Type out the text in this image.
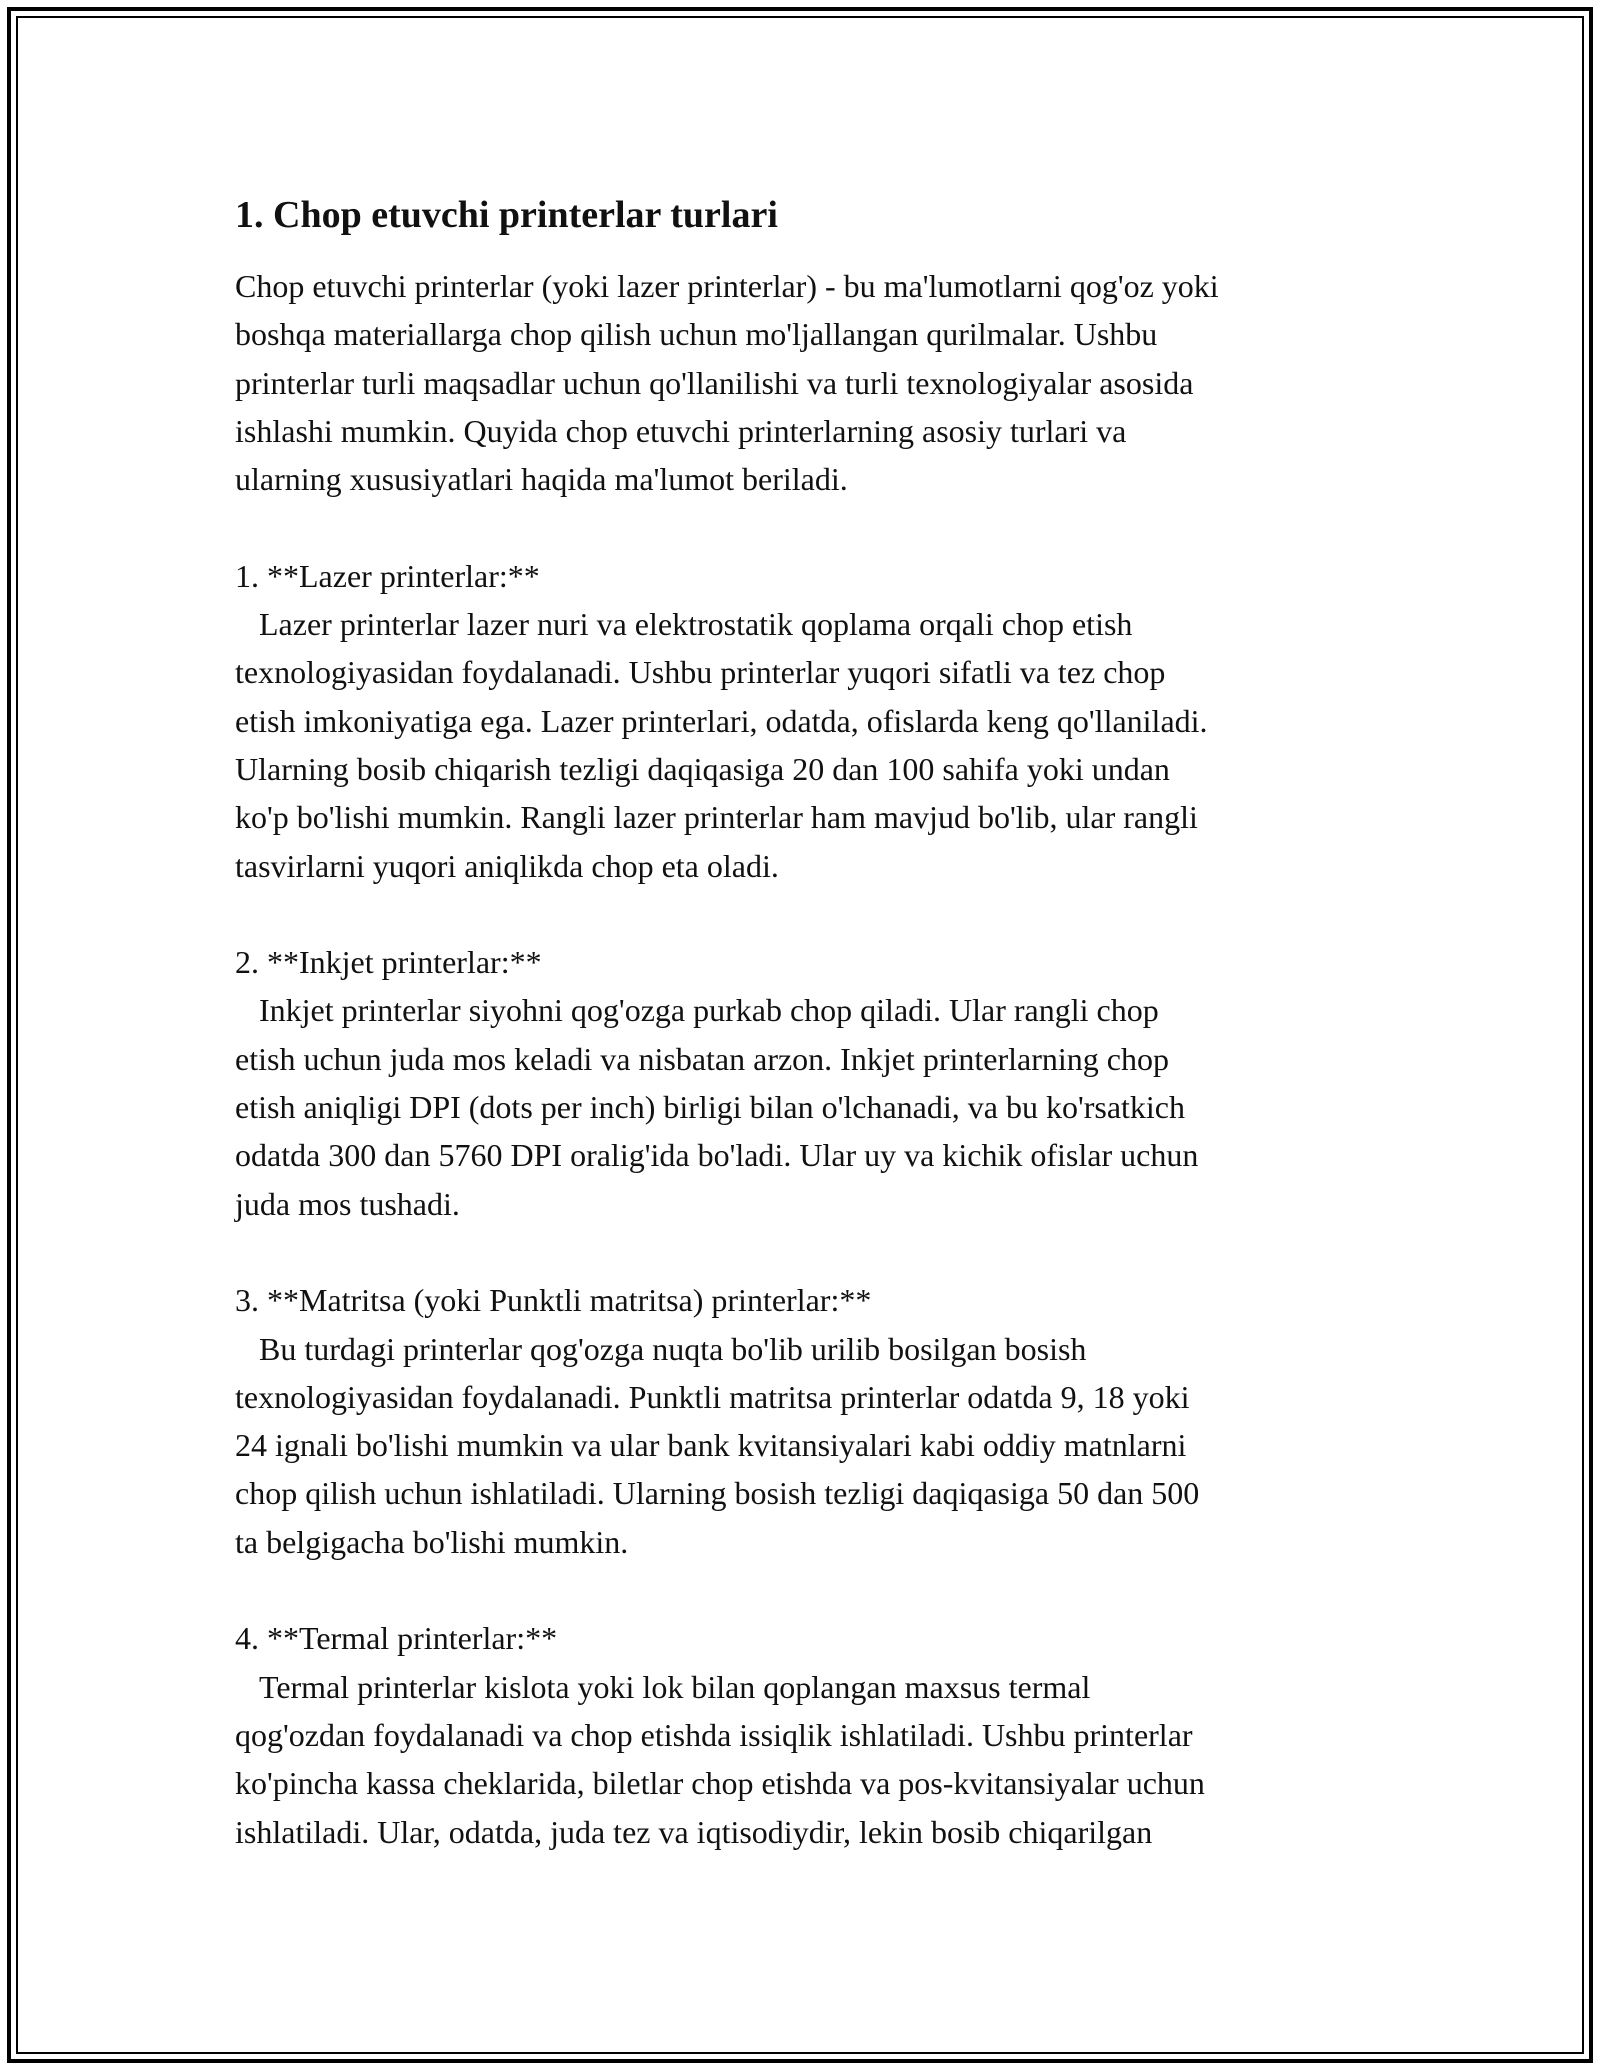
1. Chop etuvchi printerlar turlari

Chop etuvchi printerlar (yoki lazer printerlar) - bu ma'lumotlarni qog'oz yoki
boshqa materiallarga chop qilish uchun mo'ljallangan qurilmalar. Ushbu
printerlar turli maqsadlar uchun qo'llanilishi va turli texnologiyalar asosida
ishlashi mumkin. Quyida chop etuvchi printerlarning asosiy turlari va
ularning xususiyatlari haqida ma'lumot beriladi.

1. **Lazer printerlar:**

Lazer printerlar lazer nuri va elektrostatik qoplama orqali chop etish
texnologiyasidan foydalanadi. Ushbu printerlar yuqori sifatli va tez chop
etish imkoniyatiga ega. Lazer printerlari, odatda, ofislarda keng qo'llaniladi.
Ularning bosib chiqarish tezligi daqiqasiga 20 dan 100 sahifa yoki undan
ko'p bo'lishi mumkin. Rangli lazer printerlar ham mavjud bo'lib, ular rangli
tasvirlarni yuqori aniqlikda chop eta oladi.

2. **Inkjet printerlar:**

Inkjet printerlar siyohni qog'ozga purkab chop qiladi. Ular rangli chop
etish uchun juda mos keladi va nisbatan arzon. Inkjet printerlarning chop
etish aniqligi DPI (dots per inch) birligi bilan o'lchanadi, va bu ko'rsatkich
odatda 300 dan 5760 DPI oralig'ida bo'ladi. Ular uy va kichik ofislar uchun
juda mos tushadi.

3. **Matritsa (yoki Punktli matritsa) printerlar:**

Bu turdagi printerlar qog'ozga nuqta bo'lib urilib bosilgan bosish
texnologiyasidan foydalanadi. Punktli matritsa printerlar odatda 9, 18 yoki
24 ignali bo'lishi mumkin va ular bank kvitansiyalari kabi oddiy matnlarni
chop qilish uchun ishlatiladi. Ularning bosish tezligi daqiqasiga 50 dan 500
ta belgigacha bo'lishi mumkin.

4. **Termal printerlar:**

Termal printerlar kislota yoki lok bilan qoplangan maxsus termal
qog'ozdan foydalanadi va chop etishda issiqlik ishlatiladi. Ushbu printerlar
ko'pincha kassa cheklarida, biletlar chop etishda va pos-kvitansiyalar uchun
ishlatiladi. Ular, odatda, juda tez va iqtisodiydir, lekin bosib chiqarilgan
